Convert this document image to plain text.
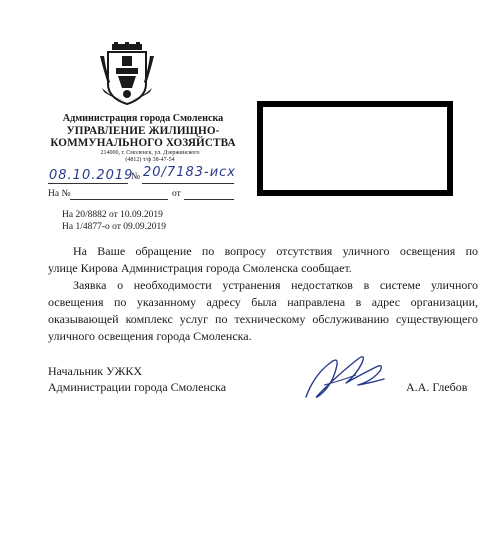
Администрация города Смоленска
УПРАВЛЕНИЕ ЖИЛИЩНО-
КОММУНАЛЬНОГО ХОЗЯЙСТВА
214000, г. Смоленск, ул. Дзержинского
(4812) т/ф 38-47-54
08.10.2019
№ 20/7183-исх
На №	от
На 20/8882 от 10.09.2019
На 1/4877-о от 09.09.2019
На Ваше обращение по вопросу отсутствия уличного освещения по
улице Кирова Администрация города Смоленска сообщает.
Заявка о необходимости устранения недостатков в системе уличного
освещения по указанному адресу была направлена в адрес организации,
оказывающей комплекс услуг по техническому обслуживанию существующего
уличного освещения города Смоленска.
Начальник УЖКХ
Администрации города Смоленска	А.А. Глебов
